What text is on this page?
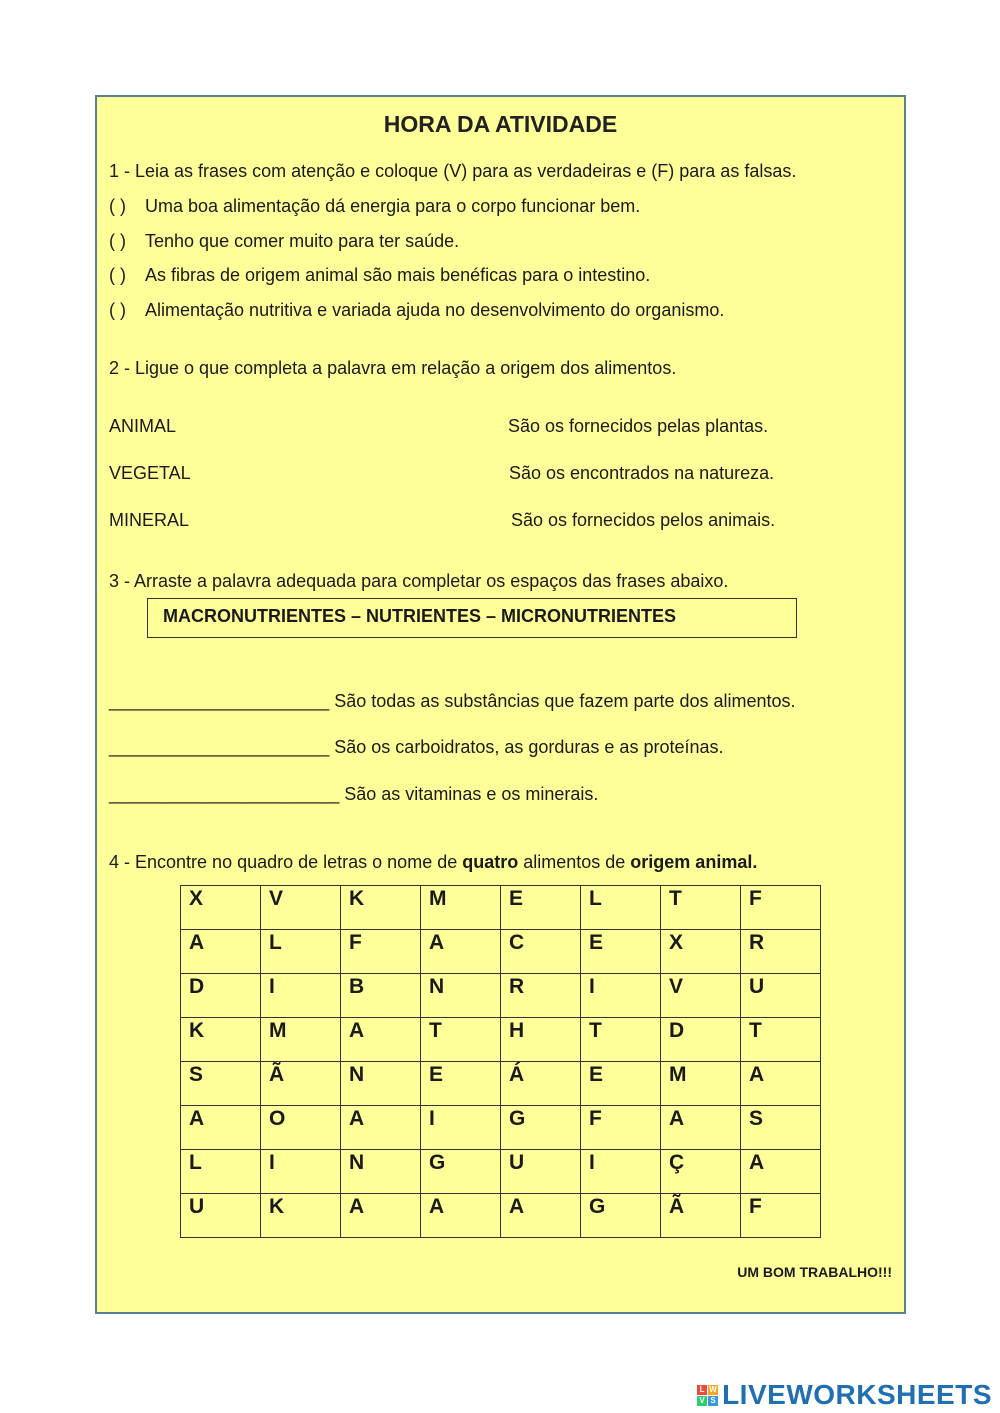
HORA DA ATIVIDADE
1 - Leia as frases com atenção e coloque (V) para as verdadeiras e (F) para as falsas.
( ) Uma boa alimentação dá energia para o corpo funcionar bem.
( ) Tenho que comer muito para ter saúde.
( ) As fibras de origem animal são mais benéficas para o intestino.
( ) Alimentação nutritiva e variada ajuda no desenvolvimento do organismo.
2 - Ligue o que completa a palavra em relação a origem dos alimentos.
ANIMAL
VEGETAL
MINERAL
São os fornecidos pelas plantas.
São os encontrados na natureza.
São os fornecidos pelos animais.
3 - Arraste a palavra adequada para completar os espaços das frases abaixo.
MACRONUTRIENTES – NUTRIENTES – MICRONUTRIENTES
______________________ São todas as substâncias que fazem parte dos alimentos.
______________________ São os carboidratos, as gorduras e as proteínas.
_______________________ São as vitaminas e os minerais.
4 - Encontre no quadro de letras o nome de quatro alimentos de origem animal.
X	V	K	M	E	L	T	F
A	L	F	A	C	E	X	R
D	I	B	N	R	I	V	U
K	M	A	T	H	T	D	T
S	Ã	N	E	Á	E	M	A
A	O	A	I	G	F	A	S
L	I	N	G	U	I	Ç	A
U	K	A	A	A	G	Ã	F
UM BOM TRABALHO!!!
L W
V S LIVEWORKSHEETS
